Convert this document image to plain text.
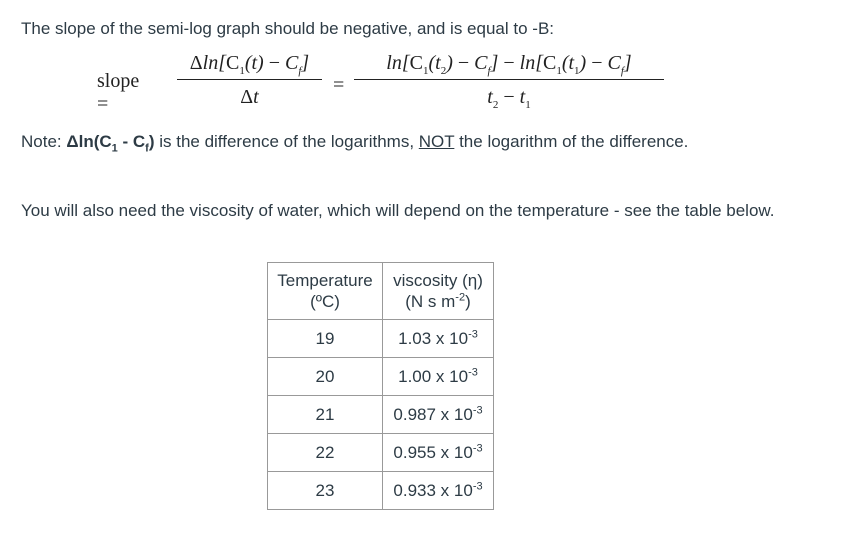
The slope of the semi-log graph should be negative, and is equal to -B:

slope =
$\Delta\ln[C_1(t) - C_f]$
Δt
=
$\ln[C_1(t_2) - C_f] - \ln[C_1(t_1) - C_f]$
$t_2 - t_1$

Note: $\Delta\ln(C_1 - C_f)$ is the difference of the logarithms, NOT the logarithm of the difference.

You will also need the viscosity of water, which will depend on the temperature - see the table below.

Temperature
(ºC)	viscosity (η)
(N s $m^{-2}$)
19	1.03 x $10^{-3}$
20	1.00 x $10^{-3}$
21	0.987 x $10^{-3}$
22	0.955 x $10^{-3}$
23	0.933 x $10^{-3}$
